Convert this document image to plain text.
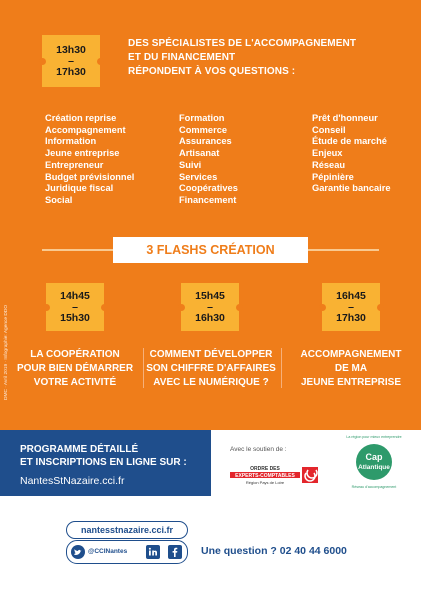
13h30
–
17h30
DES SPÉCIALISTES DE L'ACCOMPAGNEMENT
ET DU FINANCEMENT
RÉPONDENT À VOS QUESTIONS :
Création reprise
Accompagnement
Information
Jeune entreprise
Entrepreneur
Budget prévisionnel
Juridique fiscal
Social
Formation
Commerce
Assurances
Artisanat
Suivi
Services
Coopératives
Financement
Prêt d'honneur
Conseil
Étude de marché
Enjeux
Réseau
Pépinière
Garantie bancaire
3 FLASHS CRÉATION
14h45
–
15h30
15h45
–
16h30
16h45
–
17h30
LA COOPÉRATION
POUR BIEN DÉMARRER
VOTRE ACTIVITÉ
COMMENT DÉVELOPPER
SON CHIFFRE D'AFFAIRES
AVEC LE NUMÉRIQUE ?
ACCOMPAGNEMENT
DE MA
JEUNE ENTREPRISE
DMC · Avril 2019 · Infographie: Agence DDO
PROGRAMME DÉTAILLÉ
ET INSCRIPTIONS EN LIGNE SUR :
NantesStNazaire.cci.fr
Avec le soutien de :
ORDRE DES
EXPERTS-COMPTABLES
Région Pays de Loire
La région pour mieux entreprendre
Cap
Atlantique
Réseau d'accompagnement
nantesstnazaire.cci.fr
@CCINantes	Une question ? 02 40 44 6000
